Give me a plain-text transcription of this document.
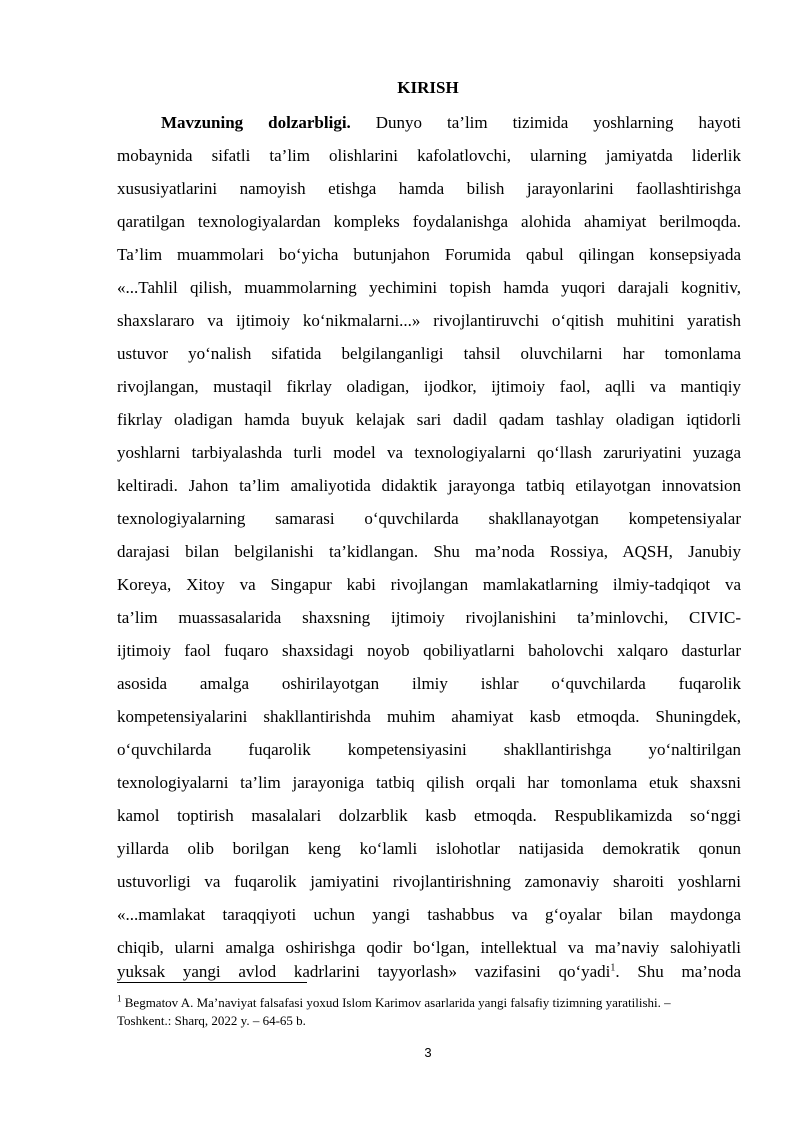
KIRISH
Mavzuning dolzarbligi. Dunyo ta’lim tizimida yoshlarning hayoti
mobaynida sifatli ta’lim olishlarini kafolatlovchi, ularning jamiyatda liderlik
xususiyatlarini namoyish etishga hamda bilish jarayonlarini faollashtirishga
qaratilgan texnologiyalardan kompleks foydalanishga alohida ahamiyat berilmoqda.
Ta’lim muammolari bo‘yicha butunjahon Forumida qabul qilingan konsepsiyada
«...Tahlil qilish, muammolarning yechimini topish hamda yuqori darajali kognitiv,
shaxslararo va ijtimoiy ko‘nikmalarni...» rivojlantiruvchi o‘qitish muhitini yaratish
ustuvor yo‘nalish sifatida belgilanganligi tahsil oluvchilarni har tomonlama
rivojlangan, mustaqil fikrlay oladigan, ijodkor, ijtimoiy faol, aqlli va mantiqiy
fikrlay oladigan hamda buyuk kelajak sari dadil qadam tashlay oladigan iqtidorli
yoshlarni tarbiyalashda turli model va texnologiyalarni qo‘llash zaruriyatini yuzaga
keltiradi. Jahon ta’lim amaliyotida didaktik jarayonga tatbiq etilayotgan innovatsion
texnologiyalarning samarasi o‘quvchilarda shakllanayotgan kompetensiyalar
darajasi bilan belgilanishi ta’kidlangan. Shu ma’noda Rossiya, AQSH, Janubiy
Koreya, Xitoy va Singapur kabi rivojlangan mamlakatlarning ilmiy-tadqiqot va
ta’lim muassasalarida shaxsning ijtimoiy rivojlanishini ta’minlovchi, CIVIC-
ijtimoiy faol fuqaro shaxsidagi noyob qobiliyatlarni baholovchi xalqaro dasturlar
asosida amalga oshirilayotgan ilmiy ishlar o‘quvchilarda fuqarolik
kompetensiyalarini shakllantirishda muhim ahamiyat kasb etmoqda. Shuningdek,
o‘quvchilarda fuqarolik kompetensiyasini shakllantirishga yo‘naltirilgan
texnologiyalarni ta’lim jarayoniga tatbiq qilish orqali har tomonlama etuk shaxsni
kamol toptirish masalalari dolzarblik kasb etmoqda. Respublikamizda so‘nggi
yillarda olib borilgan keng ko‘lamli islohotlar natijasida demokratik qonun
ustuvorligi va fuqarolik jamiyatini rivojlantirishning zamonaviy sharoiti yoshlarni
«...mamlakat taraqqiyoti uchun yangi tashabbus va g‘oyalar bilan maydonga
chiqib, ularni amalga oshirishga qodir bo‘lgan, intellektual va ma’naviy salohiyatli
yuksak yangi avlod kadrlarini tayyorlash» vazifasini qo‘yadi$^1$. Shu ma’noda
$^1$ Begmatov A. Ma’naviyat falsafasi yoxud Islom Karimov asarlarida yangi falsafiy tizimning yaratilishi. –
Toshkent.: Sharq, 2022 y. – 64-65 b.
3
